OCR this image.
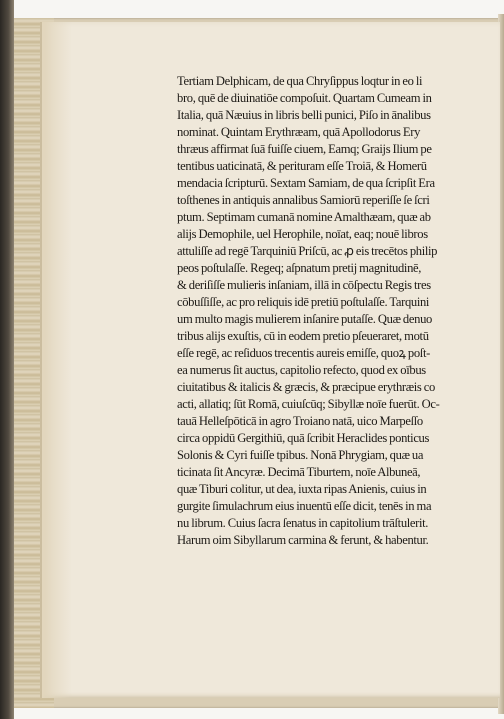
Tertiam Delphicam, de qua Chryſippus loqtur in eo li
bro, quē de diuinatiōe compoſuit. Quartam Cumeam in
Italia, quā Næuius in libris belli punici, Piſo in ānalibus
nominat. Quintam Erythræam, quā Apollodorus Ery
thræus affirmat ſuā fuiſſe ciuem, Eamq; Graijs Ilium pe
tentibus uaticinatā, & perituram eſſe Troiā, & Homerū
mendacia ſcripturū. Sextam Samiam, de qua ſcripſit Era
toſthenes in antiquis annalibus Samiorū reperiſſe ſe ſcri
ptum. Septimam cumanā nomine Amalthæam, quæ ab
alijs Demophile, uel Herophile, noīat, eaq; nouē libros
attuliſſe ad regē Tarquiniū Priſcū, ac ꝓ eis trecētos philip
peos poſtulaſſe. Regeq; aſpnatum pretij magnitudinē,
& deriſiſſe mulieris inſaniam, illā in cōſpectu Regis tres
cōbuſſiſſe, ac pro reliquis idē pretiū poſtulaſſe. Tarquini
um multo magis mulierem inſanire putaſſe. Quæ denuo
tribus alijs exuſtis, cū in eodem pretio pſeueraret, motū
eſſe regē, ac reſiduos trecentis aureis emiſſe, quoꝝ poſt-
ea numerus ſit auctus, capitolio refecto, quod ex oībus
ciuitatibus & italicis & græcis, & præcipue erythræis co
acti, allatiq; ſūt Romā, cuiuſcūq; Sibyllæ noīe fuerūt. Oc-
tauā Helleſpōticā in agro Troiano natā, uico Marpeſſo
circa oppidū Gergithiū, quā ſcribit Heraclides ponticus
Solonis & Cyri fuiſſe tpibus. Nonā Phrygiam, quæ ua
ticinata ſit Ancyræ. Decimā Tiburtem, noīe Albuneā,
quæ Tiburi colitur, ut dea, iuxta ripas Anienis, cuius in
gurgite ſimulachrum eius inuentū eſſe dicit, tenēs in ma
nu librum. Cuius ſacra ſenatus in capitolium trāſtulerit.
Harum oim Sibyllarum carmina & ferunt, & habentur.
